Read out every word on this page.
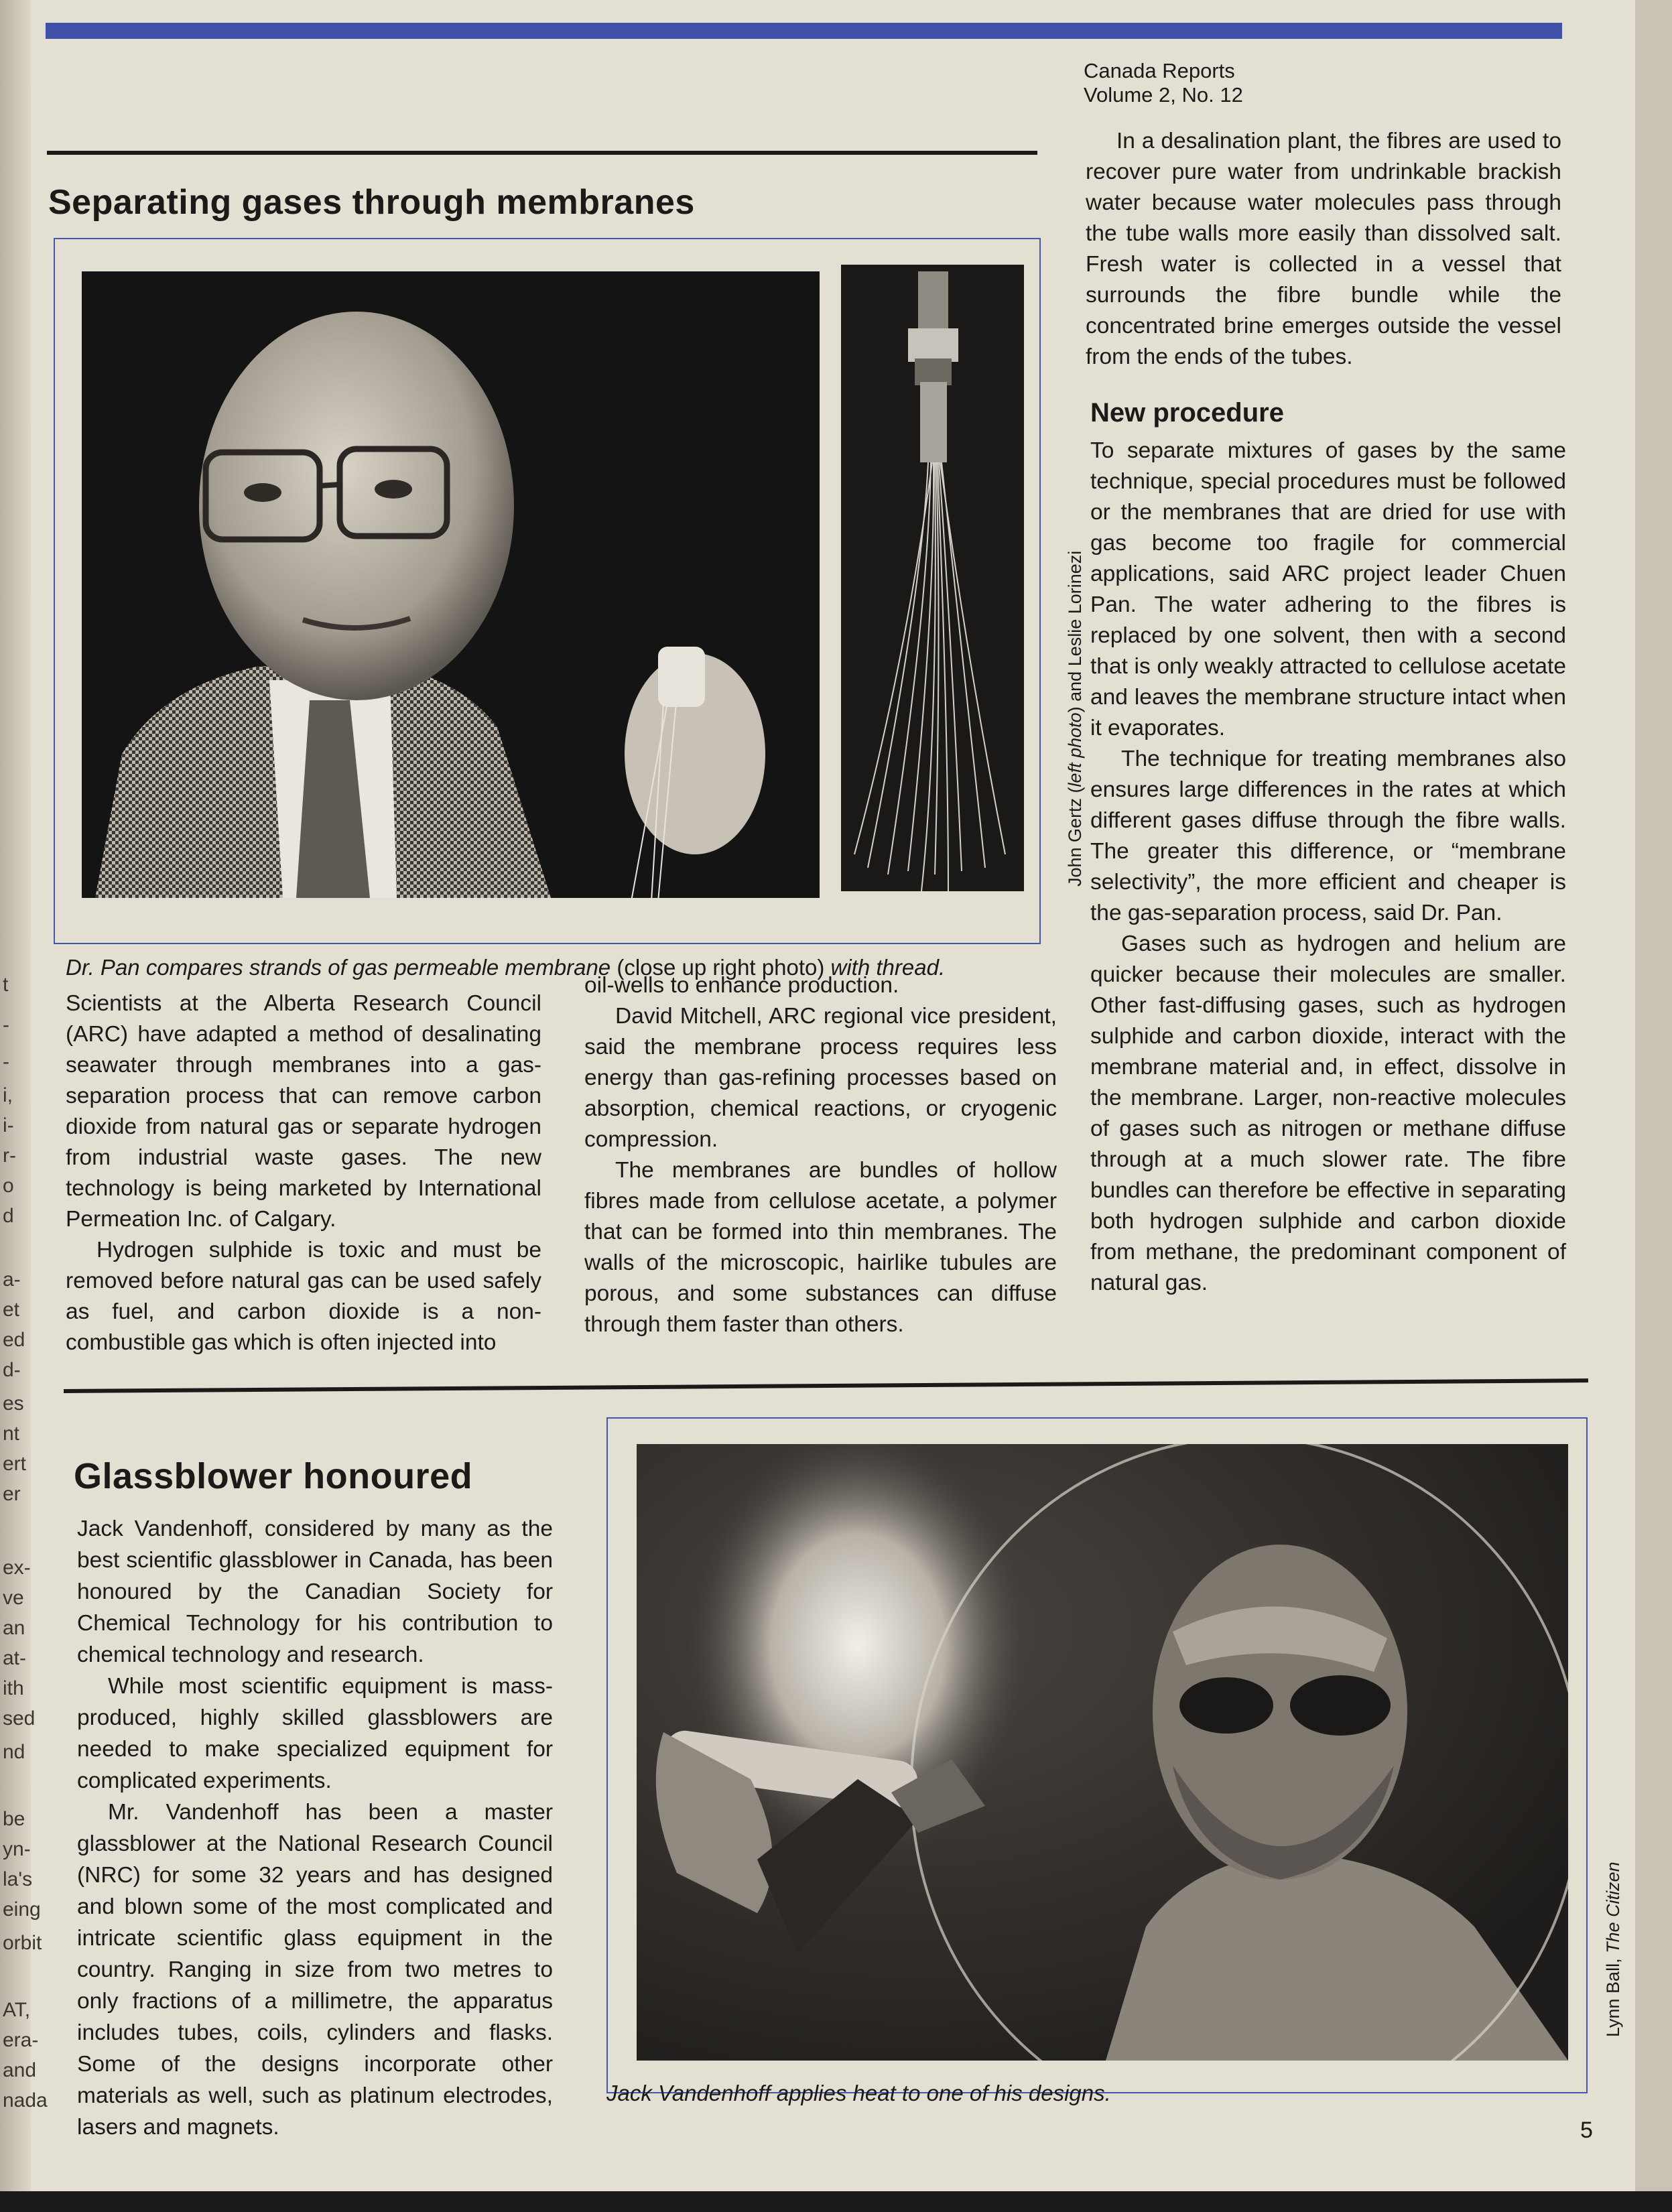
t
-
-
i,
i-
r-
o
d
a-
et
ed
d-
es
nt
ert
er
ex-
ve
an
at-
ith
sed
nd
be
yn-
la's
eing
orbit
AT,
era-
and
nada
Canada Reports
Volume 2, No. 12
Separating gases through membranes
John Gertz (left photo) and Leslie Lorinezi
Dr. Pan compares strands of gas permeable membrane (close up right photo) with thread.

Scientists at the Alberta Research Council (ARC) have adapted a method of desalinating seawater through membranes into a gas-separation process that can remove carbon dioxide from natural gas or separate hydrogen from industrial waste gases. The new technology is being marketed by International Permeation Inc. of Calgary.

Hydrogen sulphide is toxic and must be removed before natural gas can be used safely as fuel, and carbon dioxide is a non-combustible gas which is often injected into

oil-wells to enhance production.

David Mitchell, ARC regional vice president, said the membrane process requires less energy than gas-refining processes based on absorption, chemical reactions, or cryogenic compression.

The membranes are bundles of hollow fibres made from cellulose acetate, a polymer that can be formed into thin membranes. The walls of the microscopic, hairlike tubules are porous, and some substances can diffuse through them faster than others.

In a desalination plant, the fibres are used to recover pure water from undrinkable brackish water because water molecules pass through the tube walls more easily than dissolved salt. Fresh water is collected in a vessel that surrounds the fibre bundle while the concentrated brine emerges outside the vessel from the ends of the tubes.

New procedure

To separate mixtures of gases by the same technique, special procedures must be followed or the membranes that are dried for use with gas become too fragile for commercial applications, said ARC project leader Chuen Pan. The water adhering to the fibres is replaced by one solvent, then with a second that is only weakly attracted to cellulose acetate and leaves the membrane structure intact when it evaporates.

The technique for treating membranes also ensures large differences in the rates at which different gases diffuse through the fibre walls. The greater this difference, or “membrane selectivity”, the more efficient and cheaper is the gas-separation process, said Dr. Pan.

Gases such as hydrogen and helium are quicker because their molecules are smaller. Other fast-diffusing gases, such as hydrogen sulphide and carbon dioxide, interact with the membrane material and, in effect, dissolve in the membrane. Larger, non-reactive molecules of gases such as nitrogen or methane diffuse through at a much slower rate. The fibre bundles can therefore be effective in separating both hydrogen sulphide and carbon dioxide from methane, the predominant component of natural gas.

Glassblower honoured

Jack Vandenhoff, considered by many as the best scientific glassblower in Canada, has been honoured by the Canadian Society for Chemical Technology for his contribution to chemical technology and research.

While most scientific equipment is mass-produced, highly skilled glassblowers are needed to make specialized equipment for complicated experiments.

Mr. Vandenhoff has been a master glassblower at the National Research Council (NRC) for some 32 years and has designed and blown some of the most complicated and intricate scientific glass equipment in the country. Ranging in size from two metres to only fractions of a millimetre, the apparatus includes tubes, coils, cylinders and flasks. Some of the designs incorporate other materials as well, such as platinum electrodes, lasers and magnets.

Lynn Ball, The Citizen
Jack Vandenhoff applies heat to one of his designs.
5
